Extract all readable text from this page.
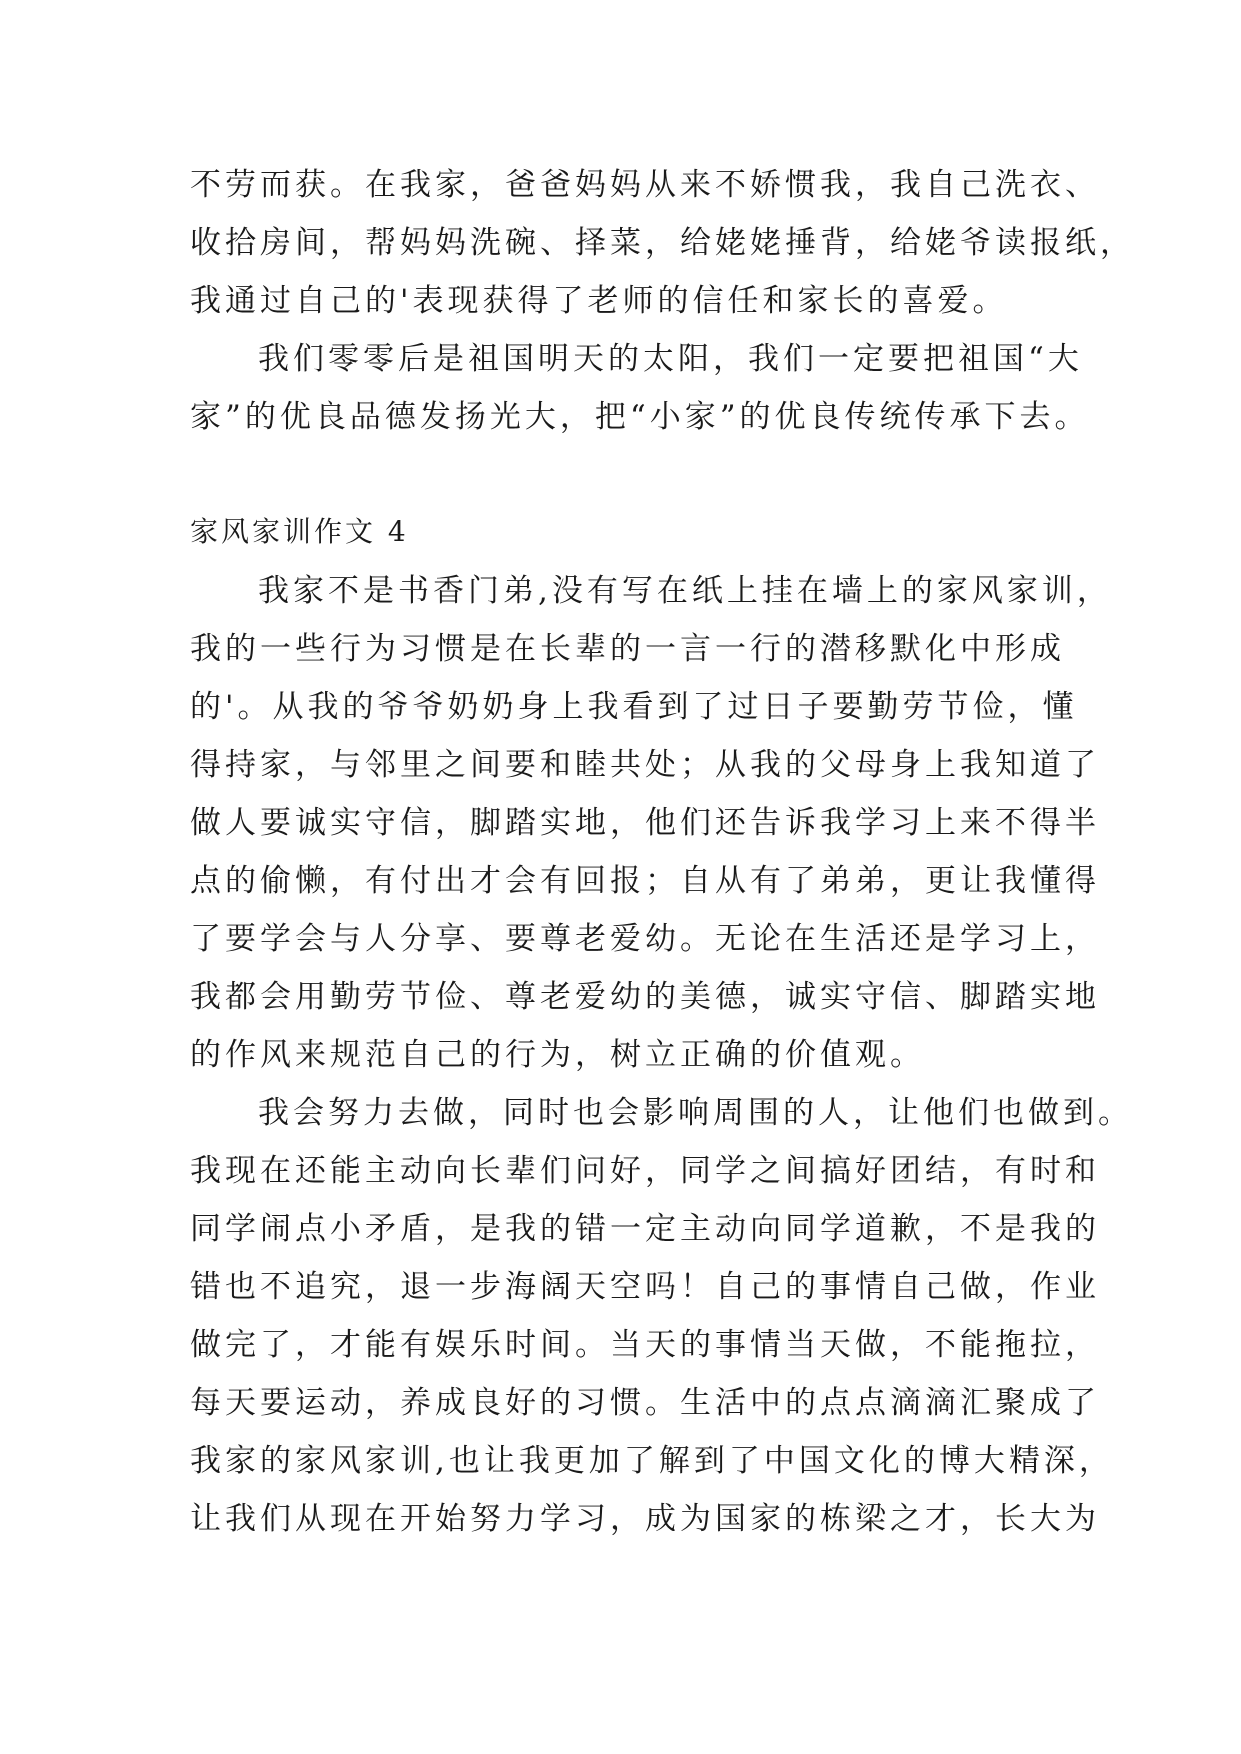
不劳而获。在我家，爸爸妈妈从来不娇惯我，我自己洗衣、
收拾房间，帮妈妈洗碗、择菜，给姥姥捶背，给姥爷读报纸，
我通过自己的'表现获得了老师的信任和家长的喜爱。
我们零零后是祖国明天的太阳，我们一定要把祖国“大
家”的优良品德发扬光大，把“小家”的优良传统传承下去。
家风家训作文 4
我家不是书香门弟,没有写在纸上挂在墙上的家风家训，
我的一些行为习惯是在长辈的一言一行的潜移默化中形成
的'。从我的爷爷奶奶身上我看到了过日子要勤劳节俭，懂
得持家，与邻里之间要和睦共处；从我的父母身上我知道了
做人要诚实守信，脚踏实地，他们还告诉我学习上来不得半
点的偷懒，有付出才会有回报；自从有了弟弟，更让我懂得
了要学会与人分享、要尊老爱幼。无论在生活还是学习上，
我都会用勤劳节俭、尊老爱幼的美德，诚实守信、脚踏实地
的作风来规范自己的行为，树立正确的价值观。
我会努力去做，同时也会影响周围的人，让他们也做到。
我现在还能主动向长辈们问好，同学之间搞好团结，有时和
同学闹点小矛盾，是我的错一定主动向同学道歉，不是我的
错也不追究，退一步海阔天空吗！自己的事情自己做，作业
做完了，才能有娱乐时间。当天的事情当天做，不能拖拉，
每天要运动，养成良好的习惯。生活中的点点滴滴汇聚成了
我家的家风家训,也让我更加了解到了中国文化的博大精深，
让我们从现在开始努力学习，成为国家的栋梁之才，长大为
